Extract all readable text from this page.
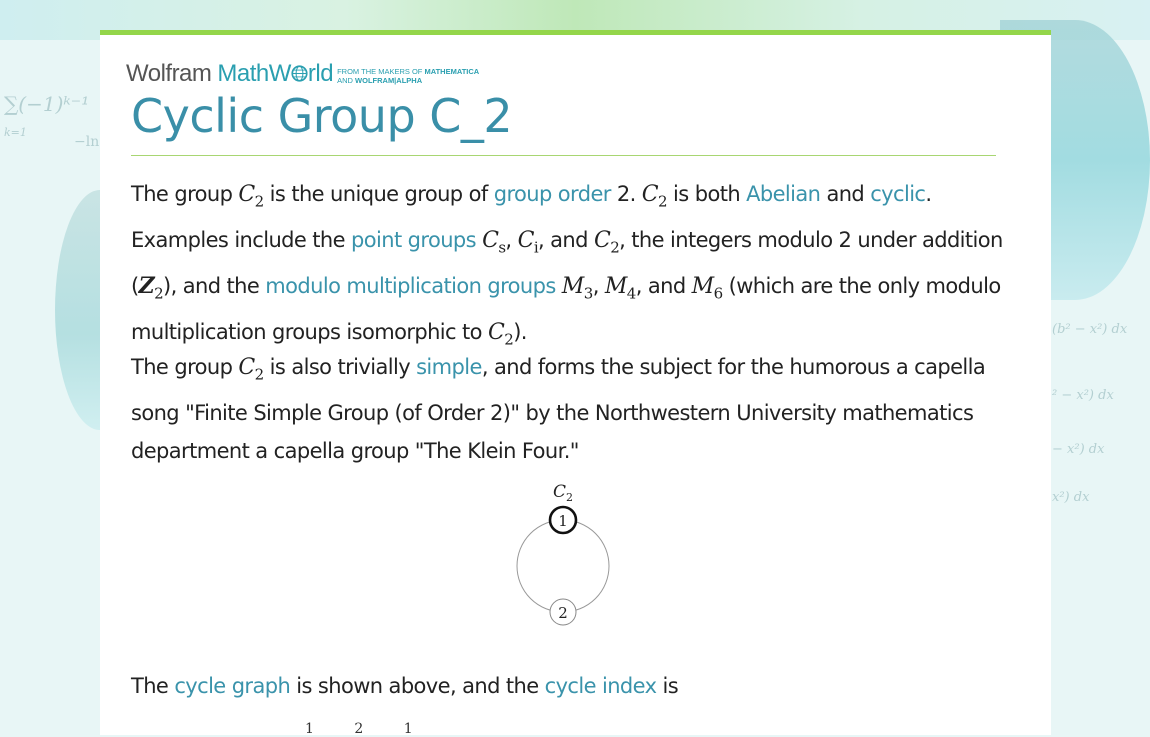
∑(−1)ᵏ⁻¹
k=1
−ln
(b² − x²) dx
² − x²) dx
− x²) dx
x²) dx
Wolfram MathW rld FROM THE MAKERS OF MATHEMATICA
AND WOLFRAM|ALPHA
Cyclic Group C_2
The group $C_2$ is the unique group of group order 2. $C_2$ is both Abelian and cyclic. Examples include the point groups $C_s$, $C_i$, and $C_2$, the integers modulo 2 under addition $(Z_2)$, and the modulo multiplication groups $M_3$, $M_4$, and $M_6$ (which are the only modulo multiplication groups isomorphic to $C_2$).
The group $C_2$ is also trivially simple, and forms the subject for the humorous a capella song "Finite Simple Group (of Order 2)" by the Northwestern University mathematics department a capella group "The Klein Four."
$C_2$
1
2
The cycle graph is shown above, and the cycle index is
1 2 1
